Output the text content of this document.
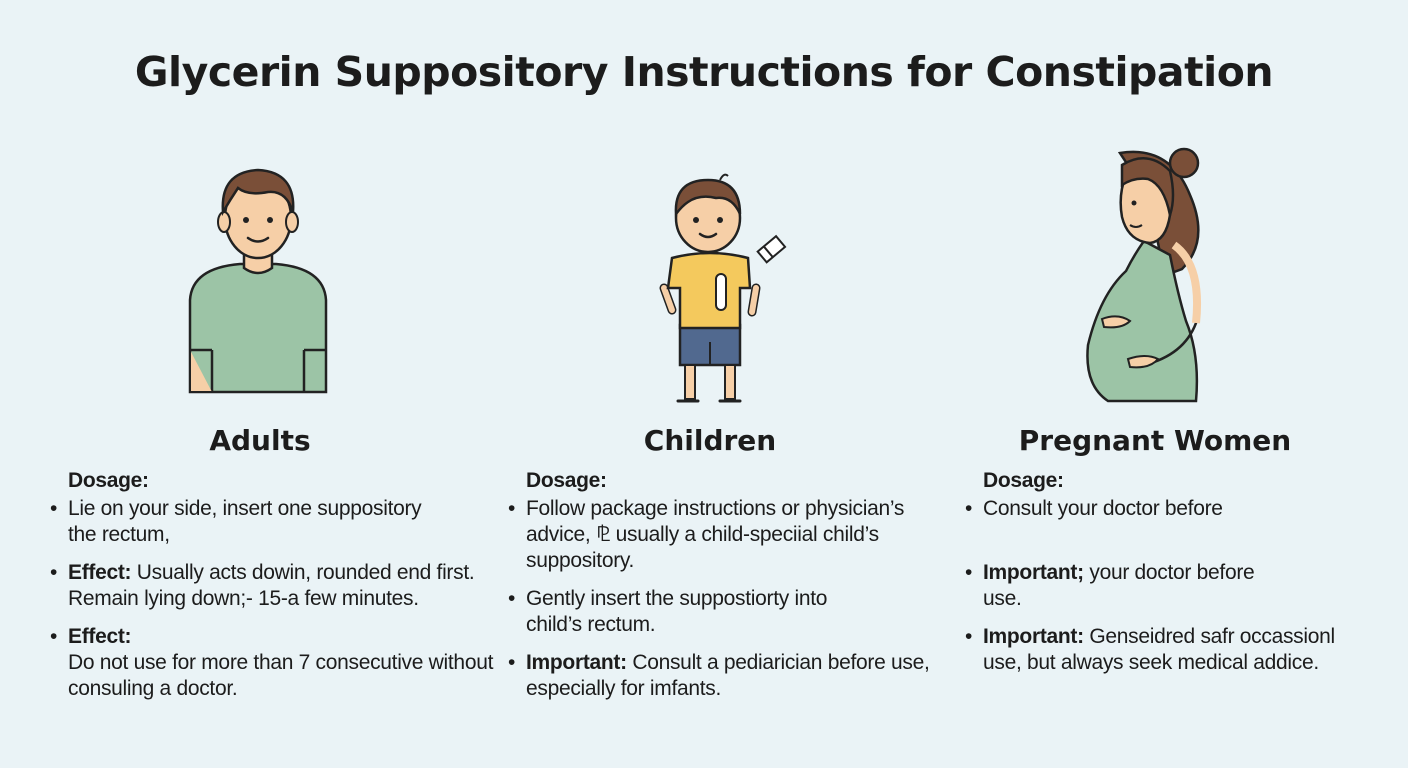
Glycerin Suppository Instructions for Constipation
Adults	Children	Pregnant Women
Dosage:
• Lie on your side, insert one suppository the rectum,
• Effect: Usually acts dowin, rounded end first. Remain lying down;- 15-a few minutes.
• Effect:
Do not use for more than 7 consecutive without consuling a doctor.
Dosage:
• Follow package instructions or physician’s advice, ⅊ usually a child-speciial child’s suppository.
• Gently insert the suppostiorty into child’s rectum.
• Important: Consult a pediarician before use, especially for imfants.
Dosage:
• Consult your doctor before
• Important; your doctor before use.
• Important: Genseidred safr occassionl use, but always seek medical addice.
